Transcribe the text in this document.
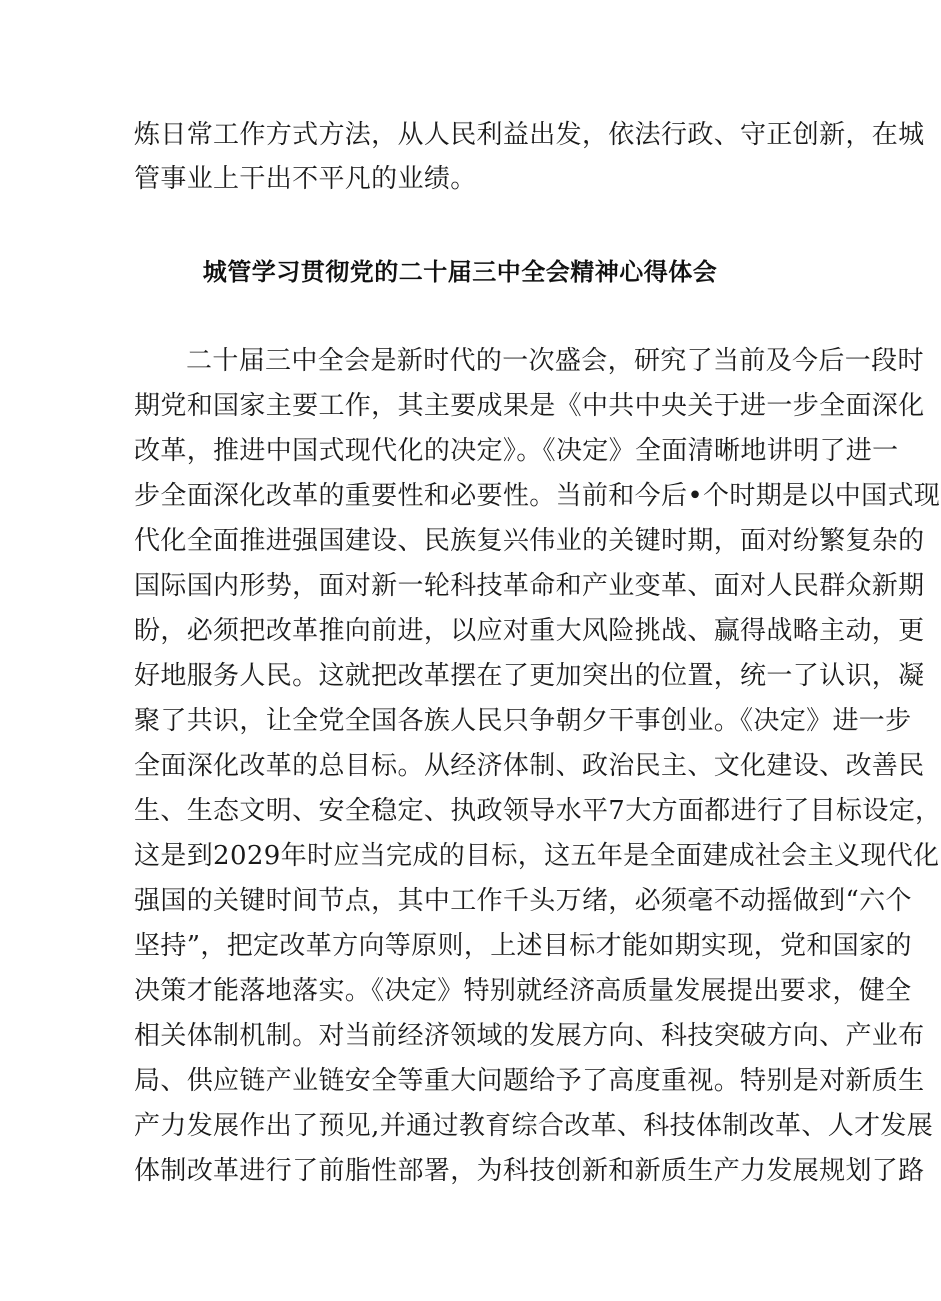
炼日常工作方式方法，从人民利益出发，依法行政、守正创新，在城
管事业上干出不平凡的业绩。
城管学习贯彻党的二十届三中全会精神心得体会
二十届三中全会是新时代的一次盛会，研究了当前及今后一段时
期党和国家主要工作，其主要成果是《中共中央关于进一步全面深化
改革，推进中国式现代化的决定》。《决定》全面清晰地讲明了进一
步全面深化改革的重要性和必要性。当前和今后•个时期是以中国式现
代化全面推进强国建设、民族复兴伟业的关键时期，面对纷繁复杂的
国际国内形势，面对新一轮科技革命和产业变革、面对人民群众新期
盼，必须把改革推向前进，以应对重大风险挑战、赢得战略主动，更
好地服务人民。这就把改革摆在了更加突出的位置，统一了认识，凝
聚了共识，让全党全国各族人民只争朝夕干事创业。《决定》进一步
全面深化改革的总目标。从经济体制、政治民主、文化建设、改善民
生、生态文明、安全稳定、执政领导水平7大方面都进行了目标设定，
这是到2029年时应当完成的目标，这五年是全面建成社会主义现代化
强国的关键时间节点，其中工作千头万绪，必须毫不动摇做到“六个
坚持”，把定改革方向等原则，上述目标才能如期实现，党和国家的
决策才能落地落实。《决定》特别就经济高质量发展提出要求，健全
相关体制机制。对当前经济领域的发展方向、科技突破方向、产业布
局、供应链产业链安全等重大问题给予了高度重视。特别是对新质生
产力发展作出了预见,并通过教育综合改革、科技体制改革、人才发展
体制改革进行了前脂性部署，为科技创新和新质生产力发展规划了路
